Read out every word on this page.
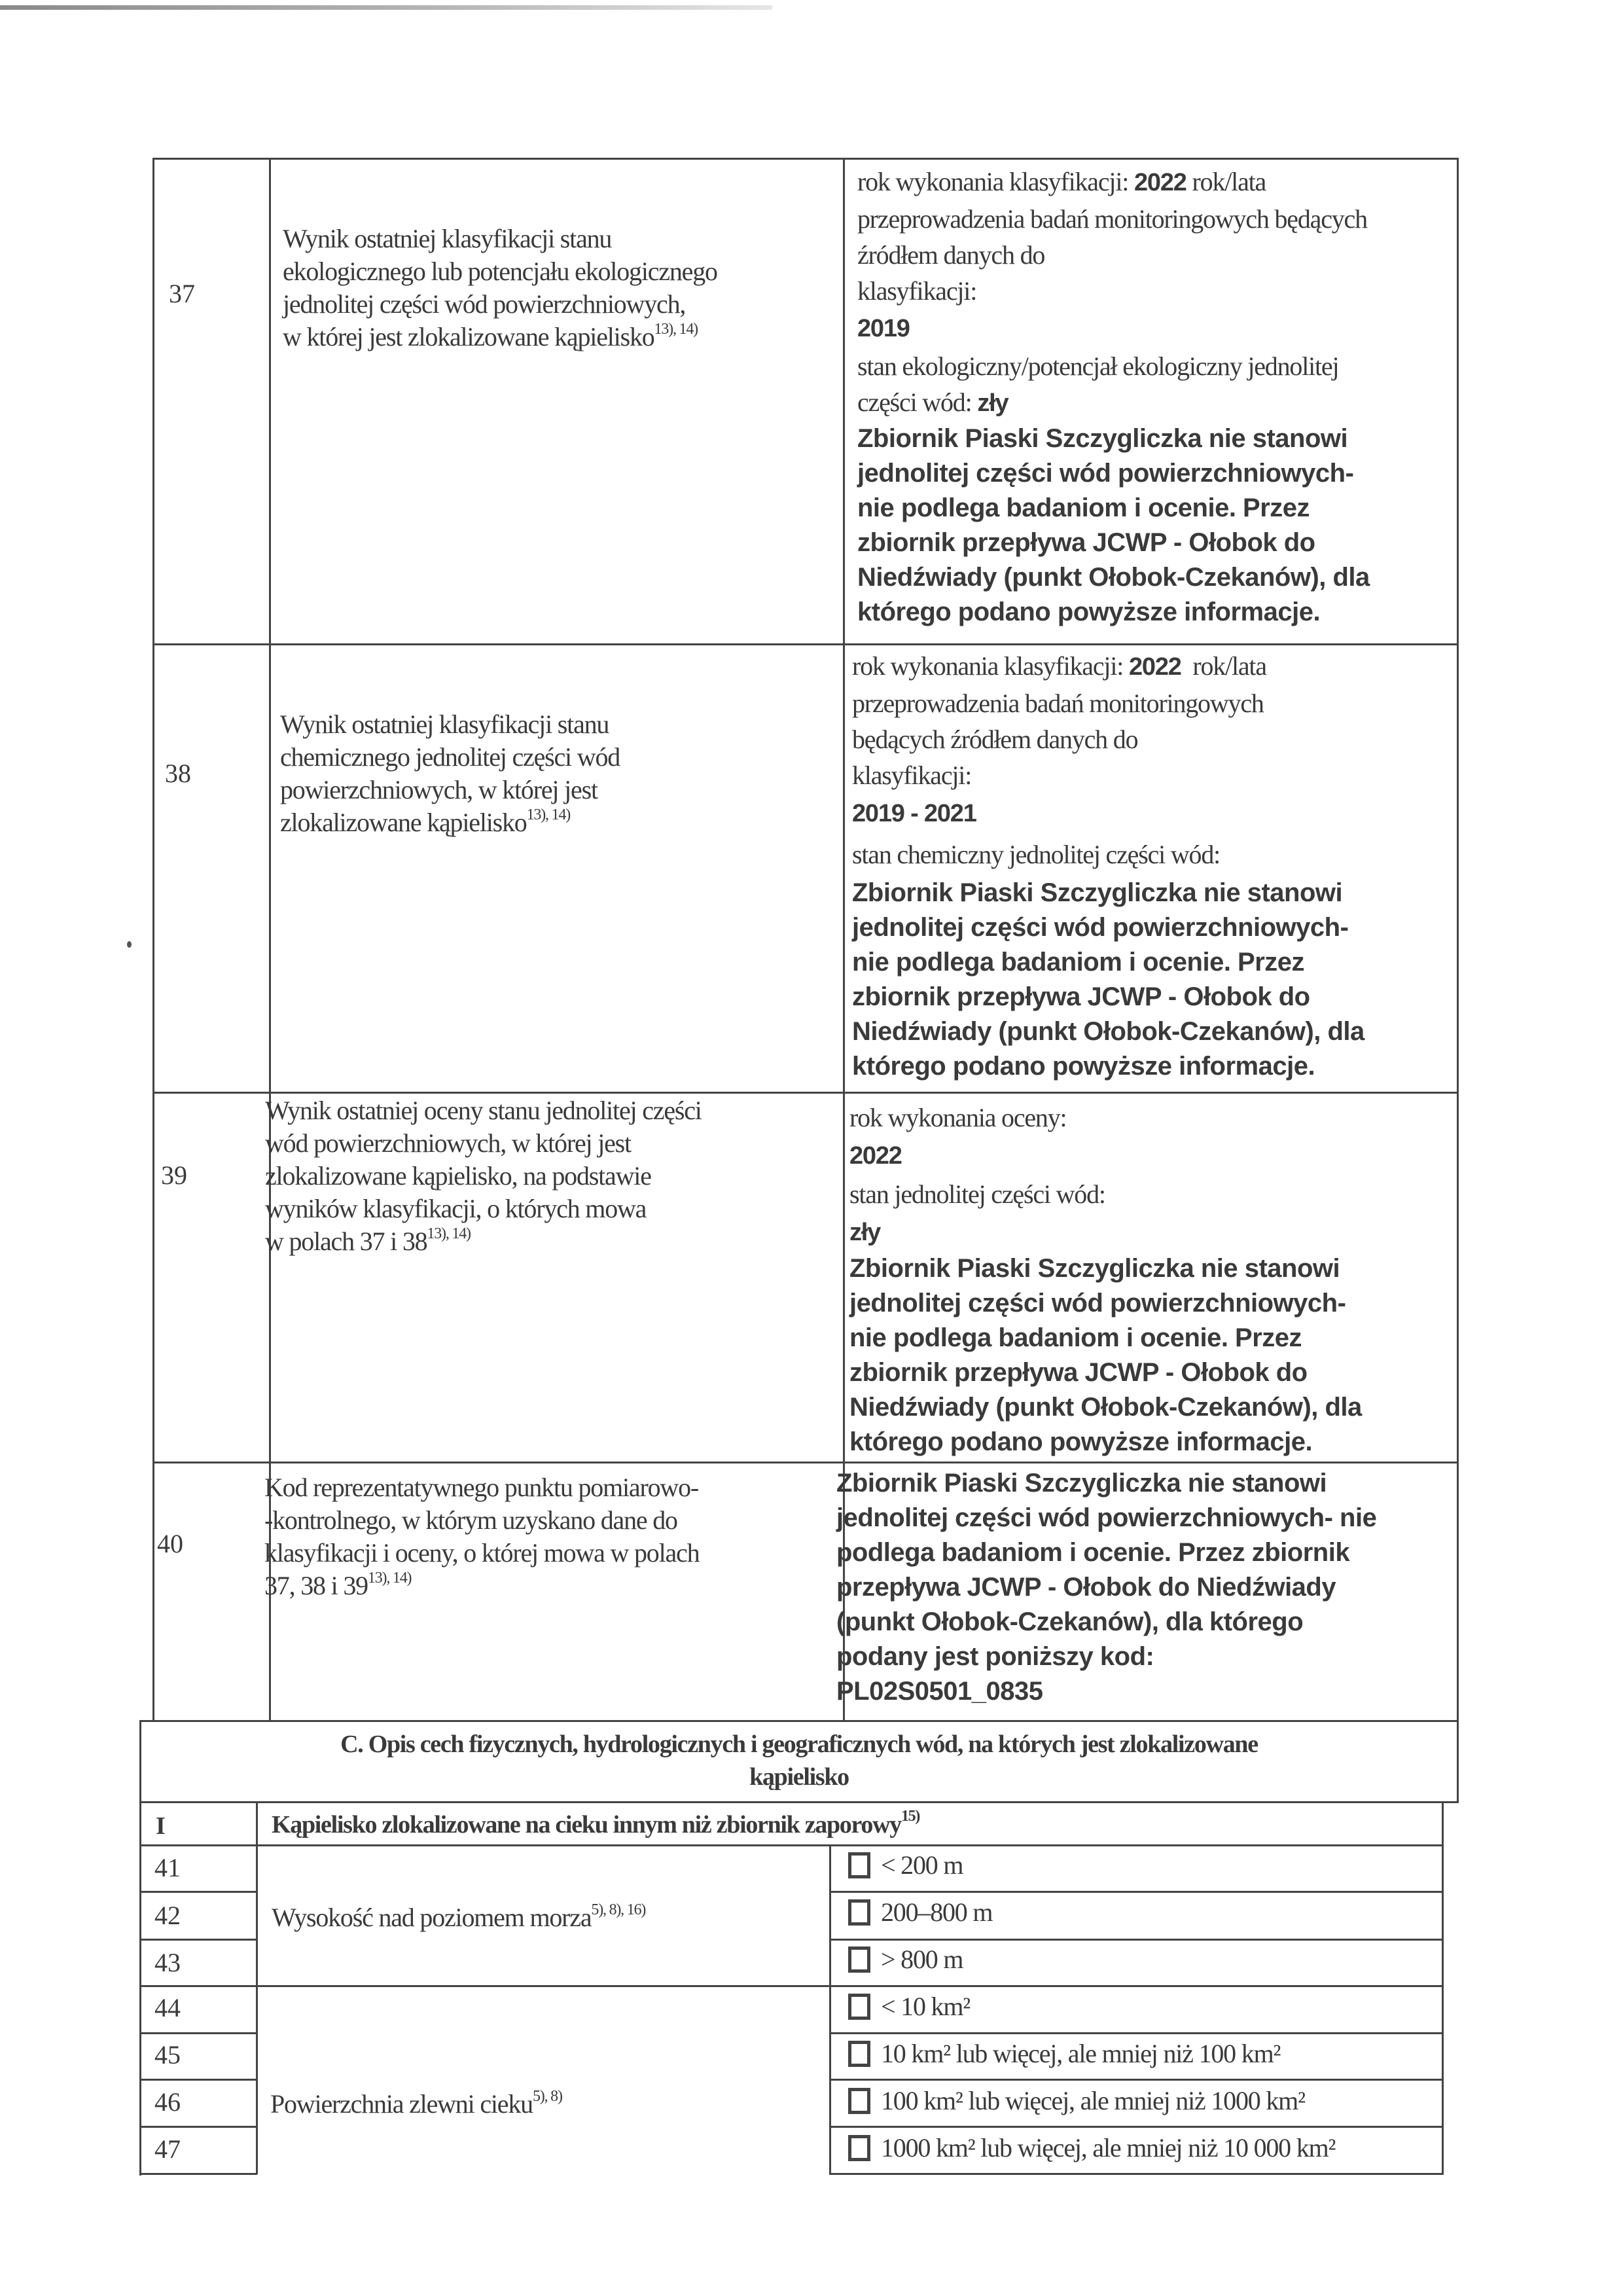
37
Wynik ostatniej klasyfikacji stanu
ekologicznego lub potencjału ekologicznego
jednolitej części wód powierzchniowych,
w której jest zlokalizowane kąpielisko$^{13), 14)}$
rok wykonania klasyfikacji: 2022 rok/lata
przeprowadzenia badań monitoringowych będących
źródłem danych do
klasyfikacji:
2019
stan ekologiczny/potencjał ekologiczny jednolitej
części wód: zły
Zbiornik Piaski Szczygliczka nie stanowi
jednolitej części wód powierzchniowych-
nie podlega badaniom i ocenie. Przez
zbiornik przepływa JCWP - Ołobok do
Niedźwiady (punkt Ołobok-Czekanów), dla
którego podano powyższe informacje.
38
Wynik ostatniej klasyfikacji stanu
chemicznego jednolitej części wód
powierzchniowych, w której jest
zlokalizowane kąpielisko$^{13), 14)}$
rok wykonania klasyfikacji: 2022 rok/lata
przeprowadzenia badań monitoringowych
będących źródłem danych do
klasyfikacji:
2019 - 2021
stan chemiczny jednolitej części wód:
Zbiornik Piaski Szczygliczka nie stanowi
jednolitej części wód powierzchniowych-
nie podlega badaniom i ocenie. Przez
zbiornik przepływa JCWP - Ołobok do
Niedźwiady (punkt Ołobok-Czekanów), dla
którego podano powyższe informacje.
39
Wynik ostatniej oceny stanu jednolitej części
wód powierzchniowych, w której jest
zlokalizowane kąpielisko, na podstawie
wyników klasyfikacji, o których mowa
w polach 37 i $38^{13), 14)}$
rok wykonania oceny:
2022
stan jednolitej części wód:
zły
Zbiornik Piaski Szczygliczka nie stanowi
jednolitej części wód powierzchniowych-
nie podlega badaniom i ocenie. Przez
zbiornik przepływa JCWP - Ołobok do
Niedźwiady (punkt Ołobok-Czekanów), dla
którego podano powyższe informacje.
40
Kod reprezentatywnego punktu pomiarowo-
-kontrolnego, w którym uzyskano dane do
klasyfikacji i oceny, o której mowa w polach
37, 38 i $39^{13), 14)}$
Zbiornik Piaski Szczygliczka nie stanowi
jednolitej części wód powierzchniowych- nie
podlega badaniom i ocenie. Przez zbiornik
przepływa JCWP - Ołobok do Niedźwiady
(punkt Ołobok-Czekanów), dla którego
podany jest poniższy kod:
PL02S0501_0835
C. Opis cech fizycznych, hydrologicznych i geograficznych wód, na których jest zlokalizowane
kąpielisko
I	Kąpielisko zlokalizowane na cieku innym niż zbiornik zaporowy$^{15)}$
Wysokość nad poziomem morza$^{5), 8), 16)}$
41
42
43
< 200 m
200–800 m
> 800 m
Powierzchnia zlewni cieku$^{5), 8)}$
44
45
46
47
< 10 km²
10 km² lub więcej, ale mniej niż 100 km²
100 km² lub więcej, ale mniej niż 1000 km²
1000 km² lub więcej, ale mniej niż 10 000 km²
